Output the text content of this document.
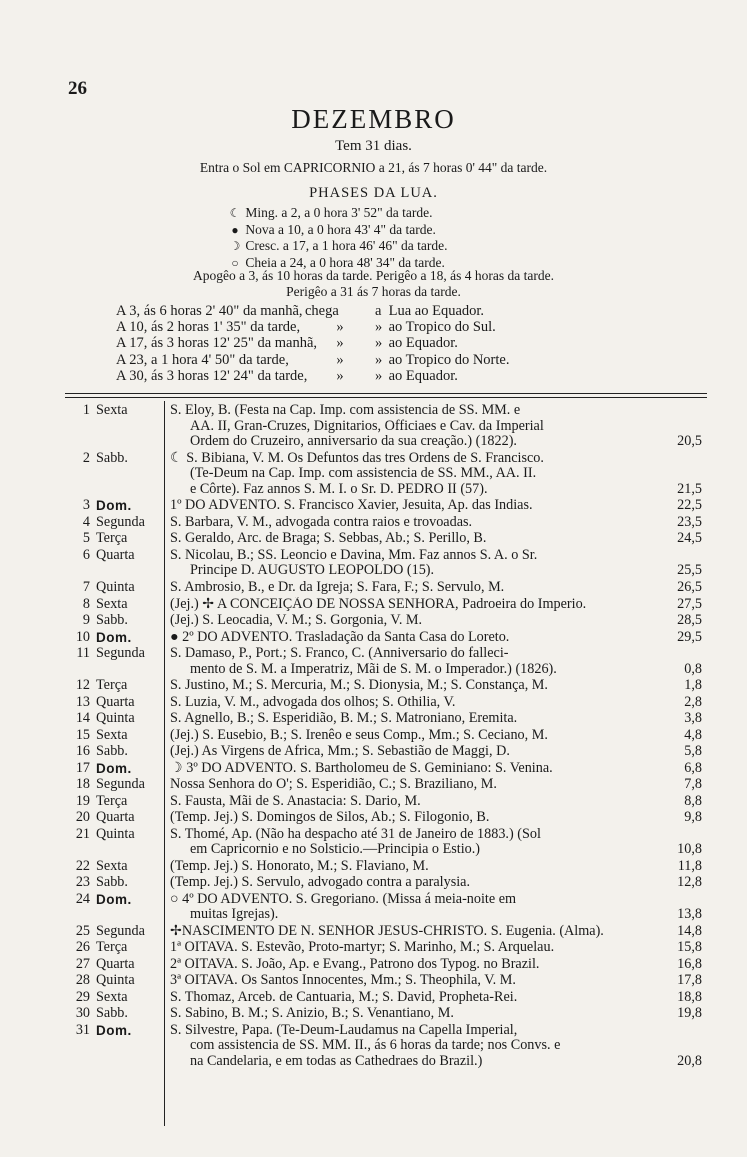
26
DEZEMBRO
Tem 31 dias.
Entra o Sol em CAPRICORNIO a 21, ás 7 horas 0' 44" da tarde.
PHASES DA LUA.
☾ Ming. a 2, a 0 hora 3' 52" da tarde.
● Nova a 10, a 0 hora 43' 4" da tarde.
☽ Cresc. a 17, a 1 hora 46' 46" da tarde.
○ Cheia a 24, a 0 hora 48' 34" da tarde.
Apogêo a 3, ás 10 horas da tarde. Perigêo a 18, ás 4 horas da tarde.
Perigêo a 31 ás 7 horas da tarde.
A 3, ás 6 horas 2' 40" da manhã, chega a Lua ao Equador.
A 10, ás 2 horas 1' 35" da tarde,	» » ao Tropico do Sul.
A 17, ás 3 horas 12' 25" da manhã, » » ao Equador.
A 23, a 1 hora 4' 50" da tarde,	» » ao Tropico do Norte.
A 30, ás 3 horas 12' 24" da tarde, » » ao Equador.
1 Sexta	S. Eloy, B. (Festa na Cap. Imp. com assistencia de SS. MM. e
AA. II, Gran-Cruzes, Dignitarios, Officiaes e Cav. da Imperial
Ordem do Cruzeiro, anniversario da sua creação.) (1822).	20,5
2 Sabb.	☾ S. Bibiana, V. M. Os Defuntos das tres Ordens de S. Francisco.
(Te-Deum na Cap. Imp. com assistencia de SS. MM., AA. II.
e Côrte). Faz annos S. M. I. o Sr. D. PEDRO II (57).	21,5
3 Dom.	1º DO ADVENTO. S. Francisco Xavier, Jesuita, Ap. das Indias.	22,5
4 Segunda S. Barbara, V. M., advogada contra raios e trovoadas.	23,5
5 Terça	S. Geraldo, Arc. de Braga; S. Sebbas, Ab.; S. Perillo, B.	24,5
6 Quarta S. Nicolau, B.; SS. Leoncio e Davina, Mm. Faz annos S. A. o Sr.
Principe D. AUGUSTO LEOPOLDO (15).	25,5
7 Quinta S. Ambrosio, B., e Dr. da Igreja; S. Fara, F.; S. Servulo, M.	26,5
8 Sexta	(Jej.) ✢ A CONCEIÇÃO DE NOSSA SENHORA, Padroeira do Imperio.	27,5
9 Sabb.	(Jej.) S. Leocadia, V. M.; S. Gorgonia, V. M.	28,5
10 Dom.	● 2º DO ADVENTO. Trasladação da Santa Casa do Loreto.	29,5
11 Segunda S. Damaso, P., Port.; S. Franco, C. (Anniversario do falleci-
mento de S. M. a Imperatriz, Mãi de S. M. o Imperador.) (1826).	0,8
12 Terça	S. Justino, M.; S. Mercuria, M.; S. Dionysia, M.; S. Constança, M.	1,8
13 Quarta S. Luzia, V. M., advogada dos olhos; S. Othilia, V.	2,8
14 Quinta S. Agnello, B.; S. Esperidião, B. M.; S. Matroniano, Eremita.	3,8
15 Sexta	(Jej.) S. Eusebio, B.; S. Irenêo e seus Comp., Mm.; S. Ceciano, M.	4,8
16 Sabb.	(Jej.) As Virgens de Africa, Mm.; S. Sebastião de Maggi, D.	5,8
17 Dom.	☽ 3º DO ADVENTO. S. Bartholomeu de S. Geminiano: S. Venina.	6,8
18 Segunda Nossa Senhora do O'; S. Esperidião, C.; S. Braziliano, M.	7,8
19 Terça	S. Fausta, Mãi de S. Anastacia: S. Dario, M.	8,8
20 Quarta (Temp. Jej.) S. Domingos de Silos, Ab.; S. Filogonio, B.	9,8
21 Quinta S. Thomé, Ap. (Não ha despacho até 31 de Janeiro de 1883.) (Sol
em Capricornio e no Solsticio.—Principia o Estio.)	10,8
22 Sexta	(Temp. Jej.) S. Honorato, M.; S. Flaviano, M.	11,8
23 Sabb.	(Temp. Jej.) S. Servulo, advogado contra a paralysia.	12,8
24 Dom.	○ 4º DO ADVENTO. S. Gregoriano. (Missa á meia-noite em
muitas Igrejas).	13,8
25 Segunda ✢NASCIMENTO DE N. SENHOR JESUS-CHRISTO. S. Eugenia. (Alma).	14,8
26 Terça	1ª OITAVA. S. Estevão, Proto-martyr; S. Marinho, M.; S. Arquelau.	15,8
27 Quarta 2ª OITAVA. S. João, Ap. e Evang., Patrono dos Typog. no Brazil.	16,8
28 Quinta 3ª OITAVA. Os Santos Innocentes, Mm.; S. Theophila, V. M.	17,8
29 Sexta	S. Thomaz, Arceb. de Cantuaria, M.; S. David, Propheta-Rei.	18,8
30 Sabb.	S. Sabino, B. M.; S. Anizio, B.; S. Venantiano, M.	19,8
31 Dom.	S. Silvestre, Papa. (Te-Deum-Laudamus na Capella Imperial,
com assistencia de SS. MM. II., ás 6 horas da tarde; nos Convs. e
na Candelaria, e em todas as Cathedraes do Brazil.)	20,8
